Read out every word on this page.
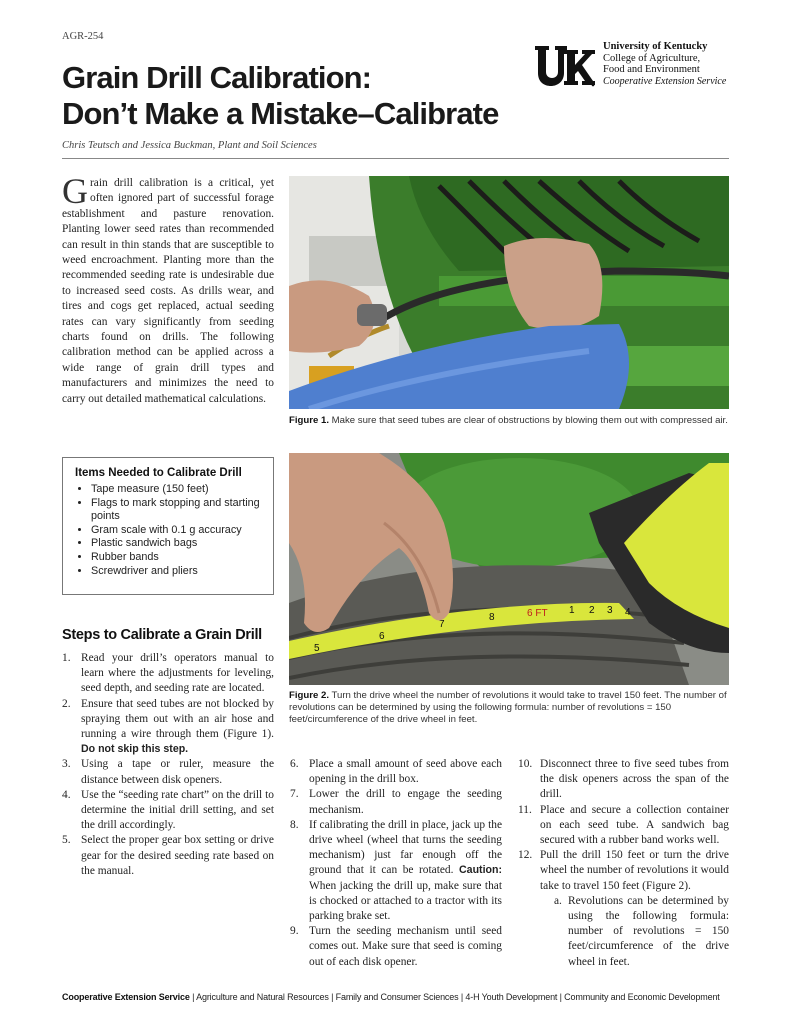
AGR-254
Grain Drill Calibration:
Don’t Make a Mistake–Calibrate
Chris Teutsch and Jessica Buckman, Plant and Soil Sciences
University of Kentucky
College of Agriculture,
Food and Environment
Cooperative Extension Service

Grain drill calibration is a critical, yet often ignored part of successful forage establishment and pasture renovation. Planting lower seed rates than recommended can result in thin stands that are susceptible to weed encroachment. Planting more than the recommended seeding rate is undesirable due to increased seed costs. As drills wear, and tires and cogs get replaced, actual seeding rates can vary significantly from seeding charts found on drills. The following calibration method can be applied across a wide range of grain drill types and manufacturers and minimizes the need to carry out detailed mathematical calculations.

Items Needed to Calibrate Drill
• Tape measure (150 feet)
• Flags to mark stopping and starting points
• Gram scale with 0.1 g accuracy
• Plastic sandwich bags
• Rubber bands
• Screwdriver and pliers
Steps to Calibrate a Grain Drill
1. Read your drill’s operators manual to learn where the adjustments for leveling, seed depth, and seeding rate are located.
2. Ensure that seed tubes are not blocked by spraying them out with an air hose and running a wire through them (Figure 1). Do not skip this step.
3. Using a tape or ruler, measure the distance between disk openers.
4. Use the “seeding rate chart” on the drill to determine the initial drill setting, and set the drill accordingly.
5. Select the proper gear box setting or drive gear for the desired seeding rate based on the manual.
6. Place a small amount of seed above each opening in the drill box.
7. Lower the drill to engage the seeding mechanism.
8. If calibrating the drill in place, jack up the drive wheel (wheel that turns the seeding mechanism) just far enough off the ground that it can be rotated. Caution: When jacking the drill up, make sure that is chocked or attached to a tractor with its parking brake set.
9. Turn the seeding mechanism until seed comes out. Make sure that seed is coming out of each disk opener.
10. Disconnect three to five seed tubes from the disk openers across the span of the drill.
11. Place and secure a collection container on each seed tube. A sandwich bag secured with a rubber band works well.
12. Pull the drill 150 feet or turn the drive wheel the number of revolutions it would take to travel 150 feet (Figure 2).
a. Revolutions can be determined by using the following formula: number of revolutions = 150 feet/circumference of the drive wheel in feet.
Figure 1. Make sure that seed tubes are clear of obstructions by blowing them out with compressed air.
5
6
7
8	6 FT 1 2 3 4
Figure 2. Turn the drive wheel the number of revolutions it would take to travel 150 feet. The number of revolutions can be determined by using the following formula: number of revolutions = 150 feet/circumference of the drive wheel in feet.
Cooperative Extension Service | Agriculture and Natural Resources | Family and Consumer Sciences | 4-H Youth Development | Community and Economic Development
